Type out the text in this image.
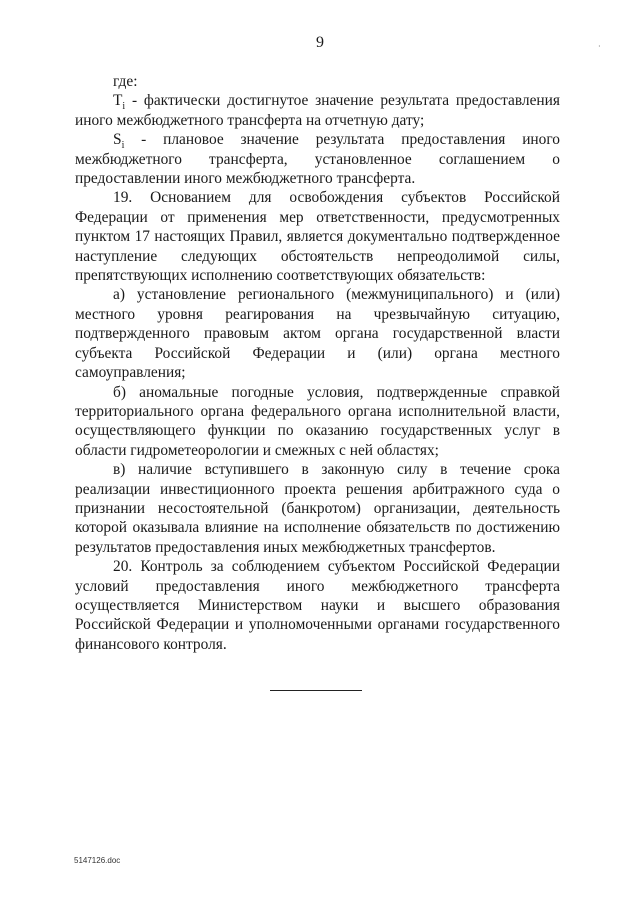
9	·

где:

$T_i$ - фактически достигнутое значение результата предоставления иного межбюджетного трансферта на отчетную дату;

$S_i$ - плановое значение результата предоставления иного межбюджетного трансферта, установленное соглашением о предоставлении иного межбюджетного трансферта.

19. Основанием для освобождения субъектов Российской Федерации от применения мер ответственности, предусмотренных пунктом 17 настоящих Правил, является документально подтвержденное наступление следующих обстоятельств непреодолимой силы, препятствующих исполнению соответствующих обязательств:

а) установление регионального (межмуниципального) и (или) местного уровня реагирования на чрезвычайную ситуацию, подтвержденного правовым актом органа государственной власти субъекта Российской Федерации и (или) органа местного самоуправления;

б) аномальные погодные условия, подтвержденные справкой территориального органа федерального органа исполнительной власти, осуществляющего функции по оказанию государственных услуг в области гидрометеорологии и смежных с ней областях;

в) наличие вступившего в законную силу в течение срока реализации инвестиционного проекта решения арбитражного суда о признании несостоятельной (банкротом) организации, деятельность которой оказывала влияние на исполнение обязательств по достижению результатов предоставления иных межбюджетных трансфертов.

20. Контроль за соблюдением субъектом Российской Федерации условий предоставления иного межбюджетного трансферта осуществляется Министерством науки и высшего образования Российской Федерации и уполномоченными органами государственного финансового контроля.

5147126.doc
